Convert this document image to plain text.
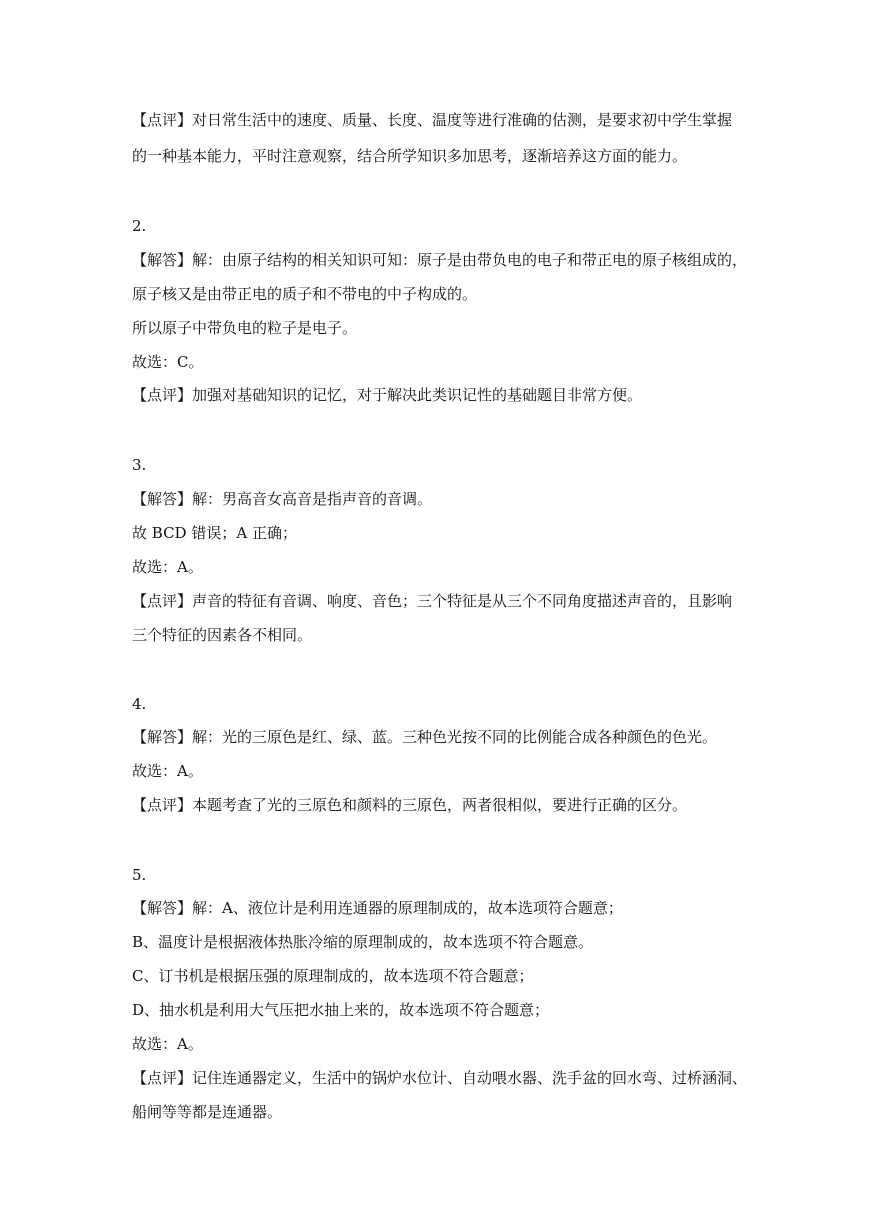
【点评】对日常生活中的速度、质量、长度、温度等进行准确的估测，是要求初中学生掌握
的一种基本能力，平时注意观察，结合所学知识多加思考，逐渐培养这方面的能力。
2.
【解答】解：由原子结构的相关知识可知：原子是由带负电的电子和带正电的原子核组成的，
原子核又是由带正电的质子和不带电的中子构成的。
所以原子中带负电的粒子是电子。
故选：C。
【点评】加强对基础知识的记忆，对于解决此类识记性的基础题目非常方便。
3.
【解答】解：男高音女高音是指声音的音调。
故 BCD 错误；A 正确；
故选：A。
【点评】声音的特征有音调、响度、音色；三个特征是从三个不同角度描述声音的，且影响
三个特征的因素各不相同。
4.
【解答】解：光的三原色是红、绿、蓝。三种色光按不同的比例能合成各种颜色的色光。
故选：A。
【点评】本题考查了光的三原色和颜料的三原色，两者很相似，要进行正确的区分。
5.
【解答】解：A、液位计是利用连通器的原理制成的，故本选项符合题意；
B、温度计是根据液体热胀冷缩的原理制成的，故本选项不符合题意。
C、订书机是根据压强的原理制成的，故本选项不符合题意；
D、抽水机是利用大气压把水抽上来的，故本选项不符合题意；
故选：A。
【点评】记住连通器定义，生活中的锅炉水位计、自动喂水器、洗手盆的回水弯、过桥涵洞、
船闸等等都是连通器。
